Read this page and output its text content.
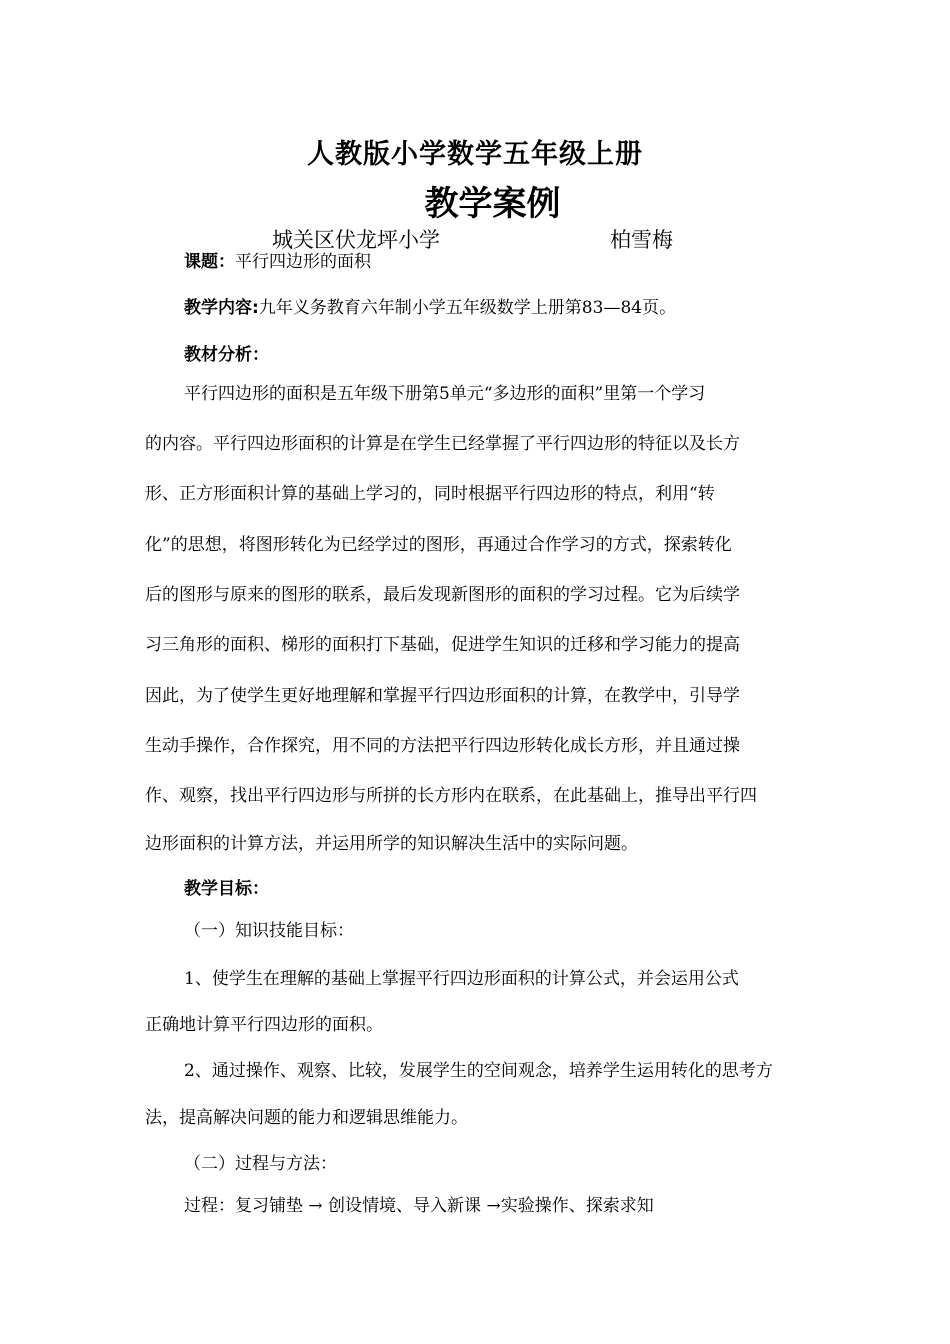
人教版小学数学五年级上册
教学案例
城关区伏龙坪小学	柏雪梅
课题：平行四边形的面积
教学内容:九年义务教育六年制小学五年级数学上册第83—84页。
教材分析：
平行四边形的面积是五年级下册第5单元“多边形的面积”里第一个学习
的内容。平行四边形面积的计算是在学生已经掌握了平行四边形的特征以及长方
形、正方形面积计算的基础上学习的，同时根据平行四边形的特点，利用“转
化”的思想，将图形转化为已经学过的图形，再通过合作学习的方式，探索转化
后的图形与原来的图形的联系，最后发现新图形的面积的学习过程。它为后续学
习三角形的面积、梯形的面积打下基础，促进学生知识的迁移和学习能力的提高
因此，为了使学生更好地理解和掌握平行四边形面积的计算，在教学中，引导学
生动手操作，合作探究，用不同的方法把平行四边形转化成长方形，并且通过操
作、观察，找出平行四边形与所拼的长方形内在联系，在此基础上，推导出平行四
边形面积的计算方法，并运用所学的知识解决生活中的实际问题。
教学目标：
（一）知识技能目标：
1、使学生在理解的基础上掌握平行四边形面积的计算公式，并会运用公式
正确地计算平行四边形的面积。
2、通过操作、观察、比较，发展学生的空间观念，培养学生运用转化的思考方
法，提高解决问题的能力和逻辑思维能力。
（二）过程与方法：
过程：复习铺垫 → 创设情境、导入新课 →实验操作、探索求知
